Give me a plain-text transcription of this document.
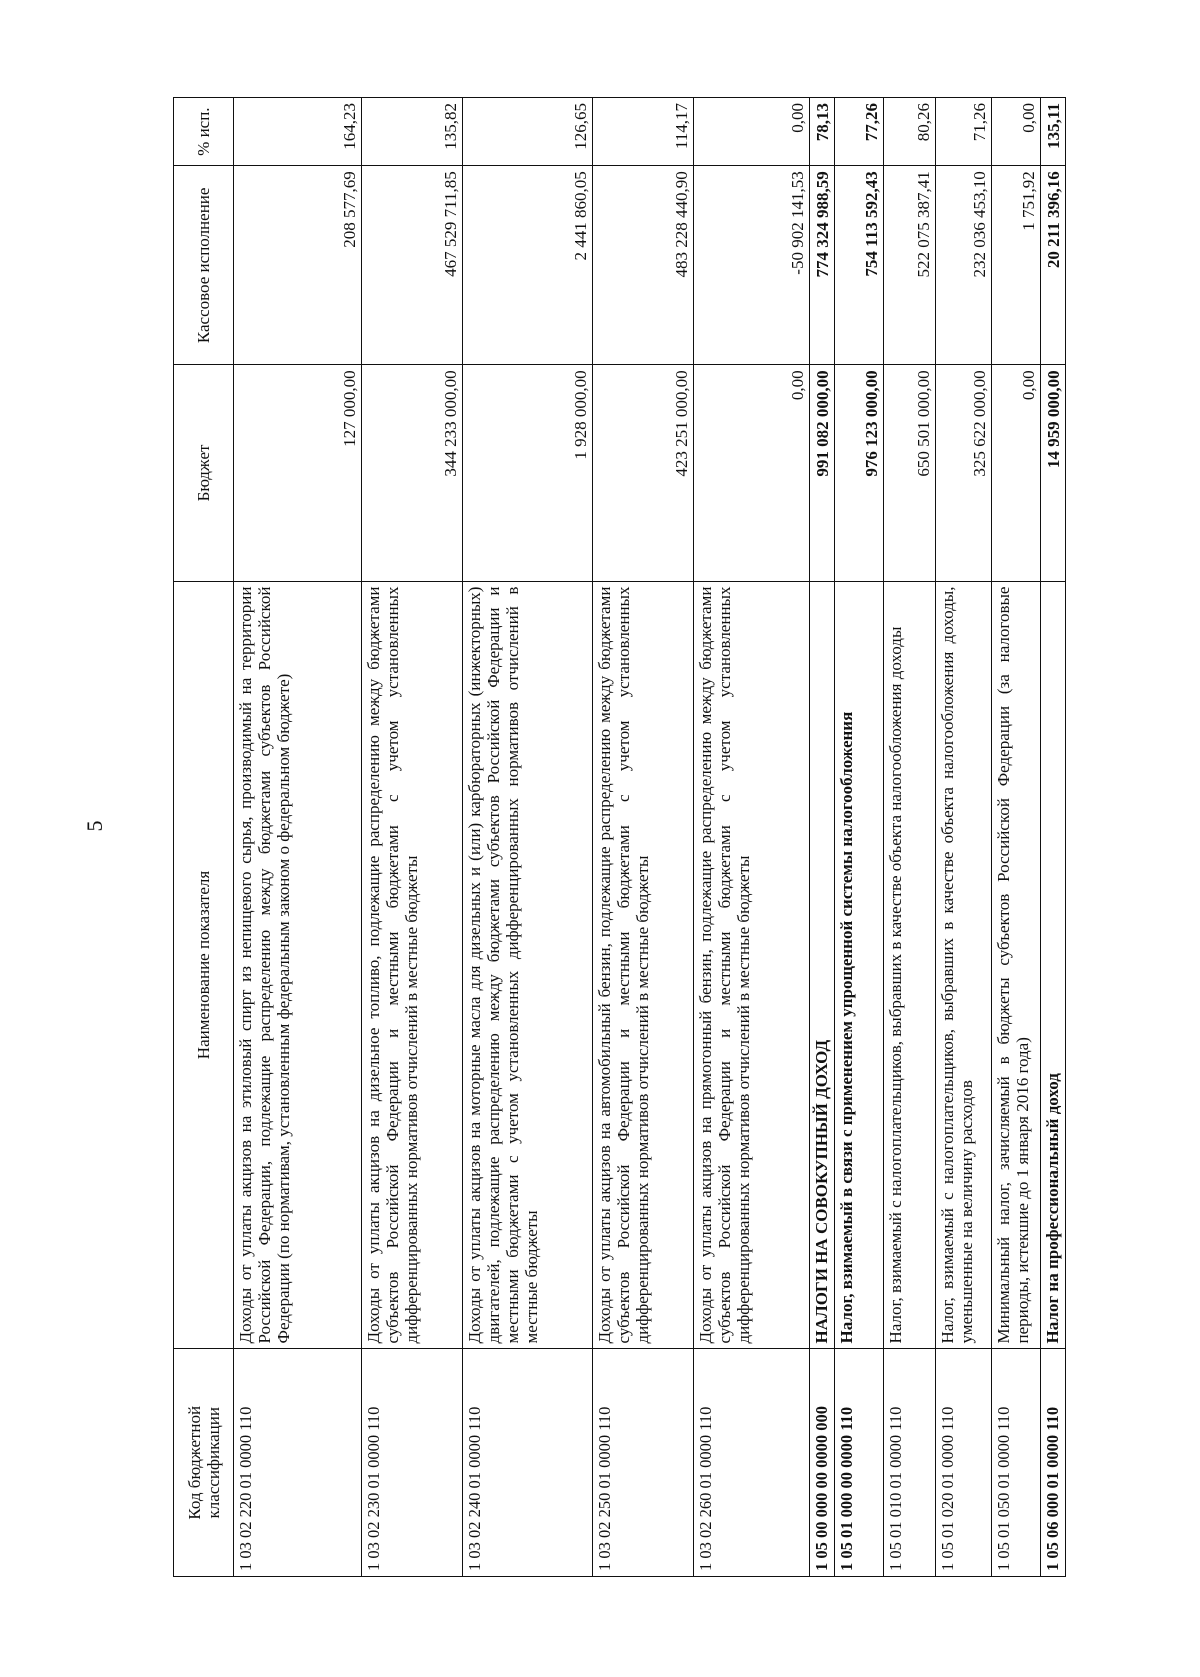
5
Код бюджетной классификации	Наименование показателя	Бюджет	Кассовое исполнение	% исп.
1 03 02 220 01 0000 110	Доходы от уплаты акцизов на этиловый спирт из непищевого сырья, производимый на территории Российской Федерации, подлежащие распределению между бюджетами субъектов Российской Федерации (по нормативам, установленным федеральным законом о федеральном бюджете)	127 000,00	208 577,69	164,23
1 03 02 230 01 0000 110	Доходы от уплаты акцизов на дизельное топливо, подлежащие распределению между бюджетами субъектов Российской Федерации и местными бюджетами с учетом установленных дифференцированных нормативов отчислений в местные бюджеты	344 233 000,00	467 529 711,85	135,82
1 03 02 240 01 0000 110	Доходы от уплаты акцизов на моторные масла для дизельных и (или) карбюраторных (инжекторных) двигателей, подлежащие распределению между бюджетами субъектов Российской Федерации и местными бюджетами с учетом установленных дифференцированных нормативов отчислений в местные бюджеты	1 928 000,00	2 441 860,05	126,65
1 03 02 250 01 0000 110	Доходы от уплаты акцизов на автомобильный бензин, подлежащие распределению между бюджетами субъектов Российской Федерации и местными бюджетами с учетом установленных дифференцированных нормативов отчислений в местные бюджеты	423 251 000,00	483 228 440,90	114,17
1 03 02 260 01 0000 110	Доходы от уплаты акцизов на прямогонный бензин, подлежащие распределению между бюджетами субъектов Российской Федерации и местными бюджетами с учетом установленных дифференцированных нормативов отчислений в местные бюджеты	0,00	-50 902 141,53	0,00
1 05 00 000 00 0000 000	НАЛОГИ НА СОВОКУПНЫЙ ДОХОД	991 082 000,00	774 324 988,59	78,13
1 05 01 000 00 0000 110	Налог, взимаемый в связи с применением упрощенной системы налогообложения	976 123 000,00	754 113 592,43	77,26
1 05 01 010 01 0000 110	Налог, взимаемый с налогоплательщиков, выбравших в качестве объекта налогообложения доходы	650 501 000,00	522 075 387,41	80,26
1 05 01 020 01 0000 110	Налог, взимаемый с налогоплательщиков, выбравших в качестве объекта налогообложения доходы, уменьшенные на величину расходов	325 622 000,00	232 036 453,10	71,26
1 05 01 050 01 0000 110	Минимальный налог, зачисляемый в бюджеты субъектов Российской Федерации (за налоговые периоды, истекшие до 1 января 2016 года)	0,00	1 751,92	0,00
1 05 06 000 01 0000 110	Налог на профессиональный доход	14 959 000,00	20 211 396,16	135,11
